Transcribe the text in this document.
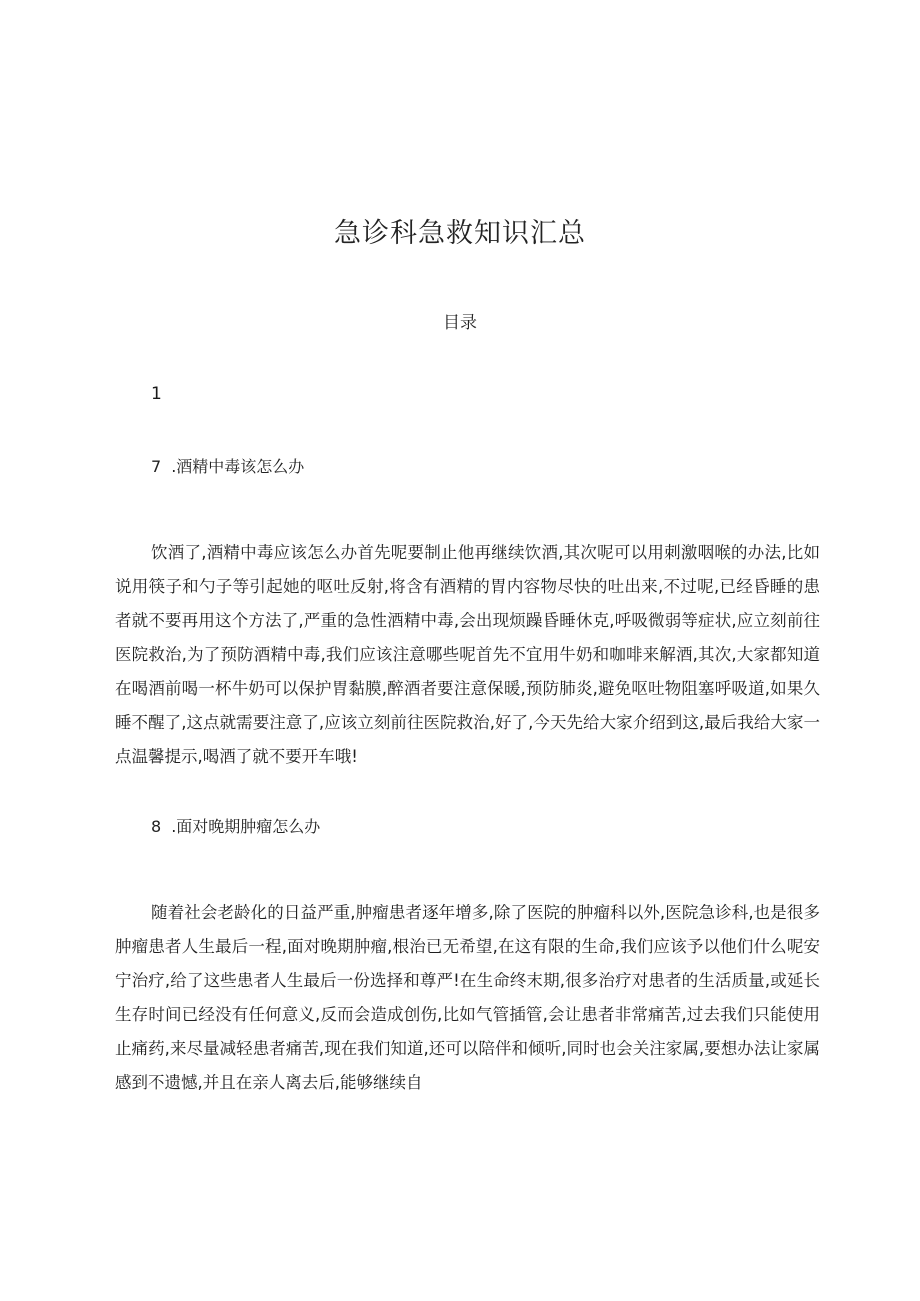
急诊科急救知识汇总
目录
1
7 .酒精中毒该怎么办

饮酒了,酒精中毒应该怎么办首先呢要制止他再继续饮酒,其次呢可以用刺激咽喉的办法,比如说用筷子和勺子等引起她的呕吐反射,将含有酒精的胃内容物尽快的吐出来,不过呢,已经昏睡的患者就不要再用这个方法了,严重的急性酒精中毒,会出现烦躁昏睡休克,呼吸微弱等症状,应立刻前往医院救治,为了预防酒精中毒,我们应该注意哪些呢首先不宜用牛奶和咖啡来解酒,其次,大家都知道在喝酒前喝一杯牛奶可以保护胃黏膜,醉酒者要注意保暖,预防肺炎,避免呕吐物阻塞呼吸道,如果久睡不醒了,这点就需要注意了,应该立刻前往医院救治,好了,今天先给大家介绍到这,最后我给大家一点温馨提示,喝酒了就不要开车哦!

8 .面对晚期肿瘤怎么办

随着社会老龄化的日益严重,肿瘤患者逐年增多,除了医院的肿瘤科以外,医院急诊科,也是很多肿瘤患者人生最后一程,面对晚期肿瘤,根治已无希望,在这有限的生命,我们应该予以他们什么呢安宁治疗,给了这些患者人生最后一份选择和尊严!在生命终末期,很多治疗对患者的生活质量,或延长生存时间已经没有任何意义,反而会造成创伤,比如气管插管,会让患者非常痛苦,过去我们只能使用止痛药,来尽量减轻患者痛苦,现在我们知道,还可以陪伴和倾听,同时也会关注家属,要想办法让家属感到不遗憾,并且在亲人离去后,能够继续自
